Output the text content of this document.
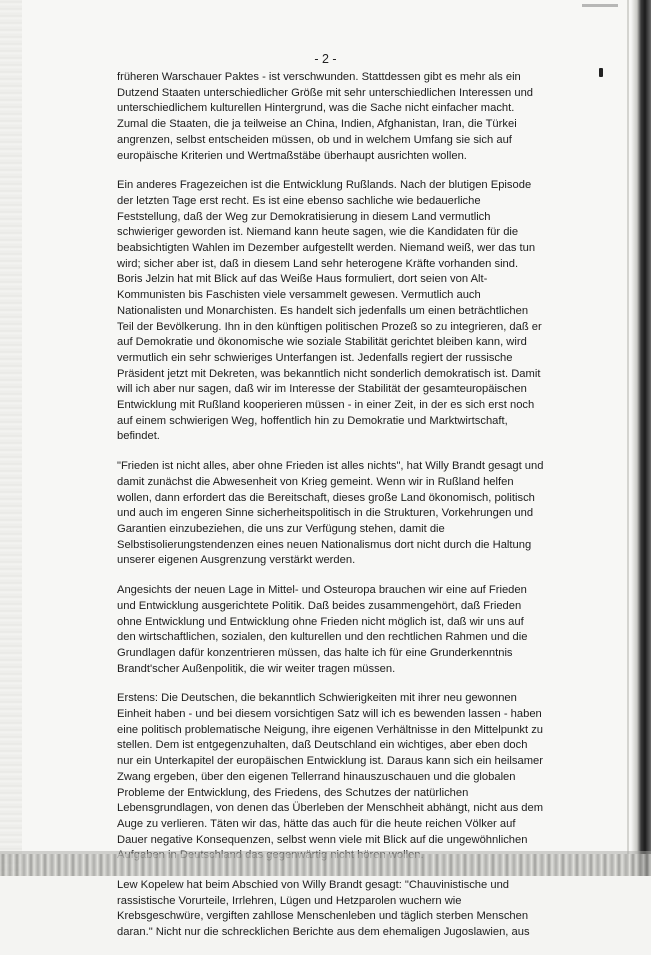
- 2 -

früheren Warschauer Paktes - ist verschwunden. Stattdessen gibt es mehr als ein
Dutzend Staaten unterschiedlicher Größe mit sehr unterschiedlichen Interessen und
unterschiedlichem kulturellen Hintergrund, was die Sache nicht einfacher macht.
Zumal die Staaten, die ja teilweise an China, Indien, Afghanistan, Iran, die Türkei
angrenzen, selbst entscheiden müssen, ob und in welchem Umfang sie sich auf
europäische Kriterien und Wertmaßstäbe überhaupt ausrichten wollen.

Ein anderes Fragezeichen ist die Entwicklung Rußlands. Nach der blutigen Episode
der letzten Tage erst recht. Es ist eine ebenso sachliche wie bedauerliche
Feststellung, daß der Weg zur Demokratisierung in diesem Land vermutlich
schwieriger geworden ist. Niemand kann heute sagen, wie die Kandidaten für die
beabsichtigten Wahlen im Dezember aufgestellt werden. Niemand weiß, wer das tun
wird; sicher aber ist, daß in diesem Land sehr heterogene Kräfte vorhanden sind.
Boris Jelzin hat mit Blick auf das Weiße Haus formuliert, dort seien von Alt-
Kommunisten bis Faschisten viele versammelt gewesen. Vermutlich auch
Nationalisten und Monarchisten. Es handelt sich jedenfalls um einen beträchtlichen
Teil der Bevölkerung. Ihn in den künftigen politischen Prozeß so zu integrieren, daß er
auf Demokratie und ökonomische wie soziale Stabilität gerichtet bleiben kann, wird
vermutlich ein sehr schwieriges Unterfangen ist. Jedenfalls regiert der russische
Präsident jetzt mit Dekreten, was bekanntlich nicht sonderlich demokratisch ist. Damit
will ich aber nur sagen, daß wir im Interesse der Stabilität der gesamteuropäischen
Entwicklung mit Rußland kooperieren müssen - in einer Zeit, in der es sich erst noch
auf einem schwierigen Weg, hoffentlich hin zu Demokratie und Marktwirtschaft,
befindet.

"Frieden ist nicht alles, aber ohne Frieden ist alles nichts", hat Willy Brandt gesagt und
damit zunächst die Abwesenheit von Krieg gemeint. Wenn wir in Rußland helfen
wollen, dann erfordert das die Bereitschaft, dieses große Land ökonomisch, politisch
und auch im engeren Sinne sicherheitspolitisch in die Strukturen, Vorkehrungen und
Garantien einzubeziehen, die uns zur Verfügung stehen, damit die
Selbstisolierungstendenzen eines neuen Nationalismus dort nicht durch die Haltung
unserer eigenen Ausgrenzung verstärkt werden.

Angesichts der neuen Lage in Mittel- und Osteuropa brauchen wir eine auf Frieden
und Entwicklung ausgerichtete Politik. Daß beides zusammengehört, daß Frieden
ohne Entwicklung und Entwicklung ohne Frieden nicht möglich ist, daß wir uns auf
den wirtschaftlichen, sozialen, den kulturellen und den rechtlichen Rahmen und die
Grundlagen dafür konzentrieren müssen, das halte ich für eine Grunderkenntnis
Brandt'scher Außenpolitik, die wir weiter tragen müssen.

Erstens: Die Deutschen, die bekanntlich Schwierigkeiten mit ihrer neu gewonnen
Einheit haben - und bei diesem vorsichtigen Satz will ich es bewenden lassen - haben
eine politisch problematische Neigung, ihre eigenen Verhältnisse in den Mittelpunkt zu
stellen. Dem ist entgegenzuhalten, daß Deutschland ein wichtiges, aber eben doch
nur ein Unterkapitel der europäischen Entwicklung ist. Daraus kann sich ein heilsamer
Zwang ergeben, über den eigenen Tellerrand hinauszuschauen und die globalen
Probleme der Entwicklung, des Friedens, des Schutzes der natürlichen
Lebensgrundlagen, von denen das Überleben der Menschheit abhängt, nicht aus dem
Auge zu verlieren. Täten wir das, hätte das auch für die heute reichen Völker auf
Dauer negative Konsequenzen, selbst wenn viele mit Blick auf die ungewöhnlichen

Lew Kopelew hat beim Abschied von Willy Brandt gesagt: "Chauvinistische und
rassistische Vorurteile, Irrlehren, Lügen und Hetzparolen wuchern wie
Krebsgeschwüre, vergiften zahllose Menschenleben und täglich sterben Menschen
daran." Nicht nur die schrecklichen Berichte aus dem ehemaligen Jugoslawien, aus
